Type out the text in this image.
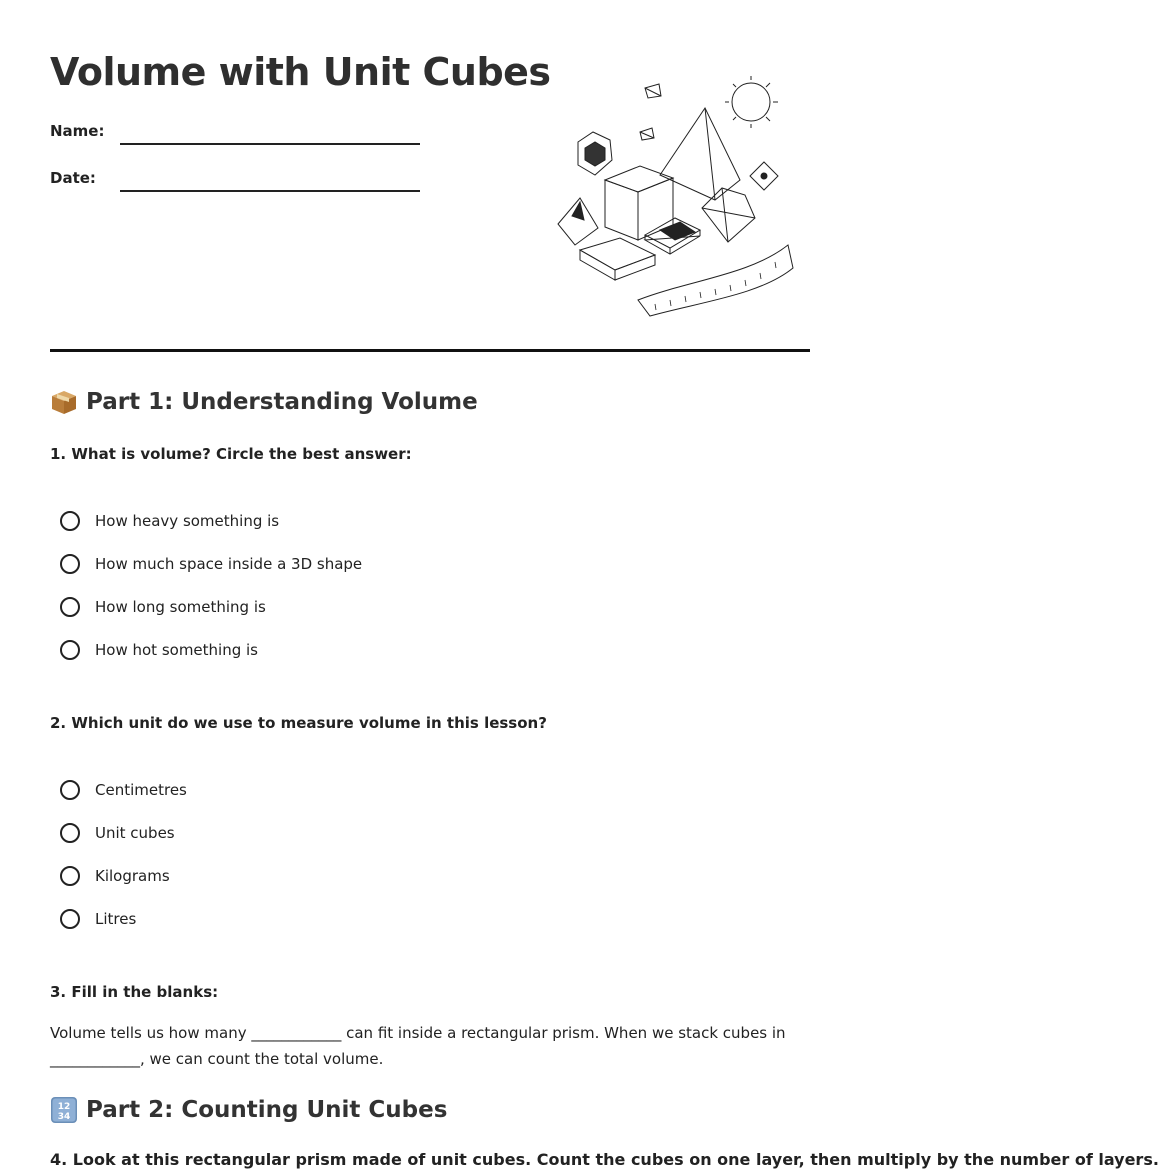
Volume with Unit Cubes
Name:
Date:
Part 1: Understanding Volume

1. What is volume? Circle the best answer:

How heavy something is
How much space inside a 3D shape
How long something is
How hot something is

2. Which unit do we use to measure volume in this lesson?

Centimetres
Unit cubes
Kilograms
Litres

3. Fill in the blanks:

Volume tells us how many ____________ can fit inside a rectangular prism. When we stack cubes in ____________, we can count the total volume.

12
34 Part 2: Counting Unit Cubes

4. Look at this rectangular prism made of unit cubes. Count the cubes on one layer, then multiply by the number of layers.
